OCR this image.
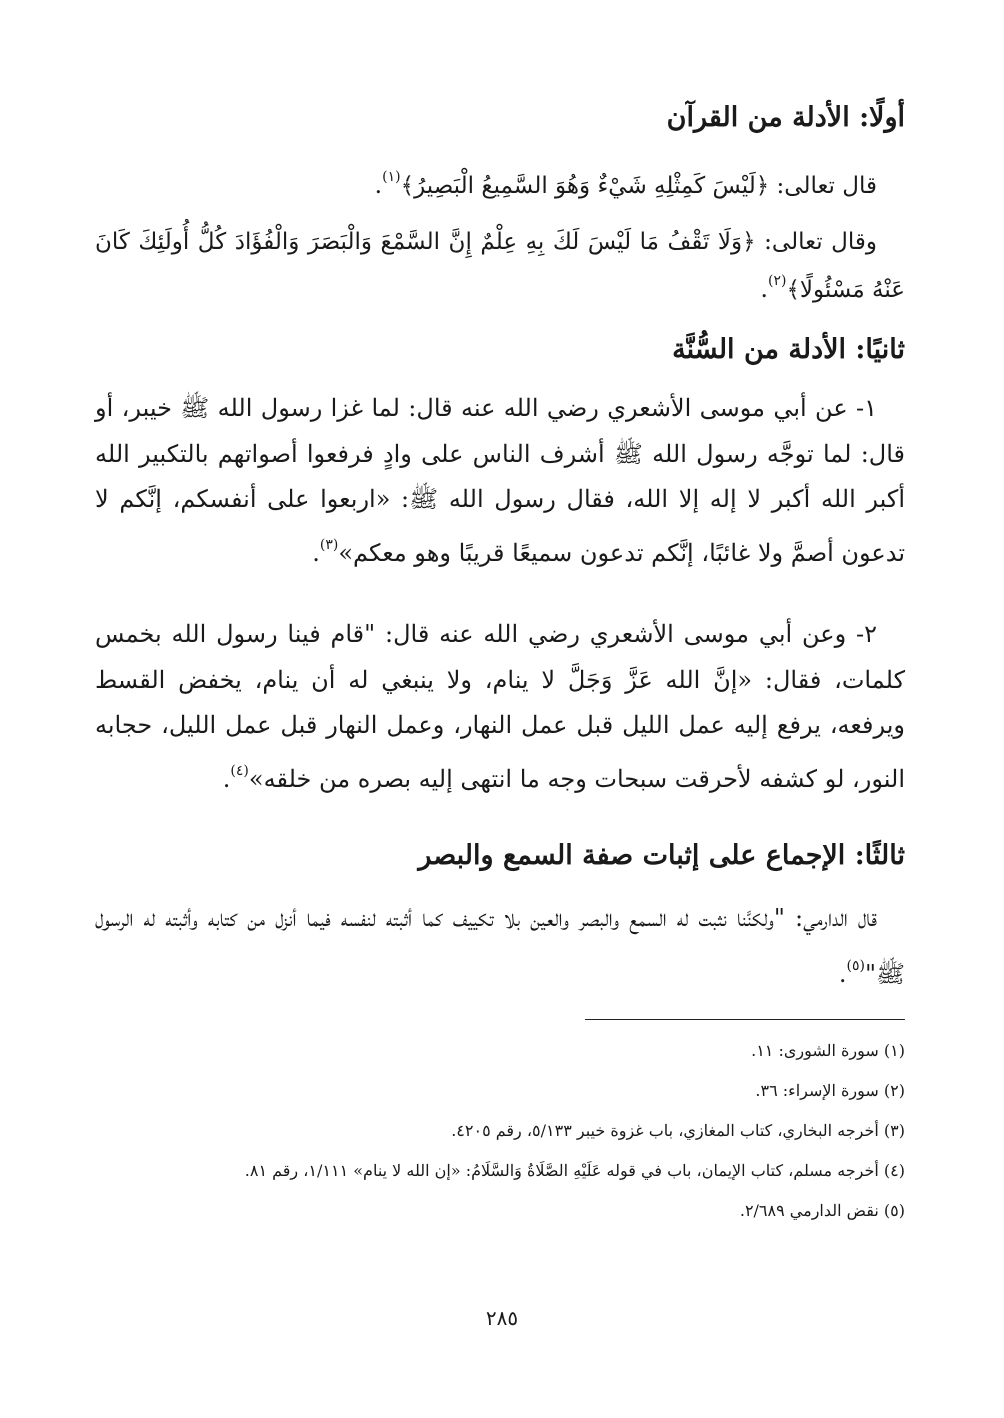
أولًا: الأدلة من القرآن
قال تعالى: ﴿لَيْسَ كَمِثْلِهِ شَيْءٌ وَهُوَ السَّمِيعُ الْبَصِيرُ﴾$^{(١)}$.
وقال تعالى: ﴿وَلَا تَقْفُ مَا لَيْسَ لَكَ بِهِ عِلْمٌ إِنَّ السَّمْعَ وَالْبَصَرَ وَالْفُؤَادَ كُلُّ أُولَئِكَ كَانَ عَنْهُ مَسْئُولًا﴾$^{(٢)}$.
ثانيًا: الأدلة من السُّنَّة
١- عن أبي موسى الأشعري رضي الله عنه قال: لما غزا رسول الله ﷺ خيبر، أو قال: لما توجَّه رسول الله ﷺ أشرف الناس على وادٍ فرفعوا أصواتهم بالتكبير الله أكبر الله أكبر لا إله إلا الله، فقال رسول الله ﷺ: «اربعوا على أنفسكم، إنَّكم لا تدعون أصمَّ ولا غائبًا، إنَّكم تدعون سميعًا قريبًا وهو معكم»$^{(٣)}$.
٢- وعن أبي موسى الأشعري رضي الله عنه قال: "قام فينا رسول الله بخمس كلمات، فقال: «إنَّ الله عَزَّ وَجَلَّ لا ينام، ولا ينبغي له أن ينام، يخفض القسط ويرفعه، يرفع إليه عمل الليل قبل عمل النهار، وعمل النهار قبل عمل الليل، حجابه النور، لو كشفه لأحرقت سبحات وجه ما انتهى إليه بصره من خلقه»$^{(٤)}$.
ثالثًا: الإجماع على إثبات صفة السمع والبصر
قال الدارمي: "ولكنَّنا نثبت له السمع والبصر والعين بلا تكييف كما أثبته لنفسه فيما أنزل من كتابه وأثبته له الرسول ﷺ"$^{(٥)}$.
(١) سورة الشورى: ١١.
(٢) سورة الإسراء: ٣٦.
(٣) أخرجه البخاري، كتاب المغازي، باب غزوة خيبر ٥/١٣٣، رقم ٤٢٠٥.
(٤) أخرجه مسلم، كتاب الإيمان، باب في قوله عَلَيْهِ الصَّلَاةُ وَالسَّلَامُ: «إن الله لا ينام» ١/١١١، رقم ٨١.
(٥) نقض الدارمي ٢/٦٨٩.
٢٨٥
